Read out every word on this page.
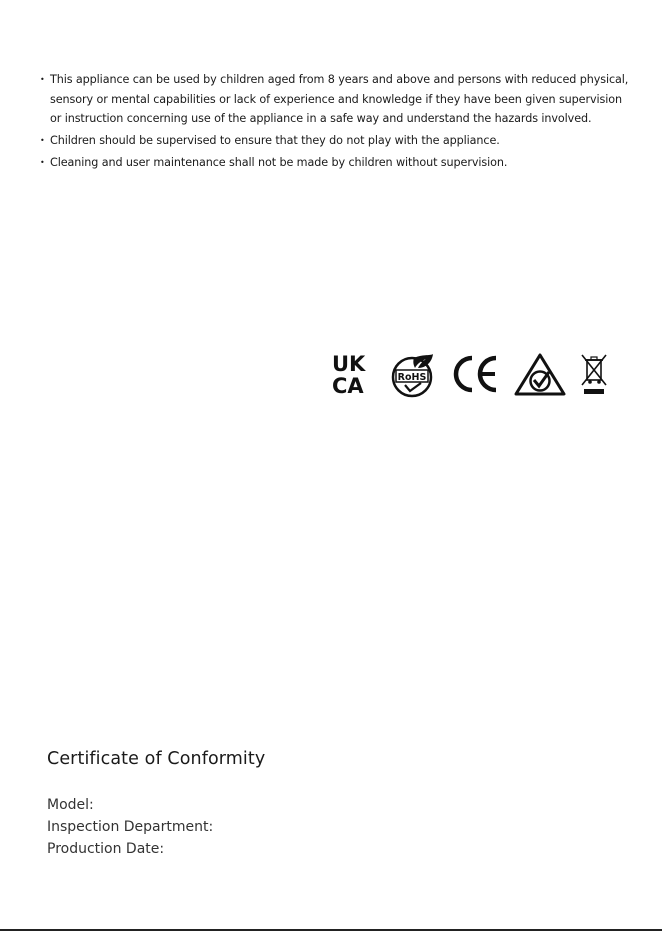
• This appliance can be used by children aged from 8 years and above and persons with reduced physical,
sensory or mental capabilities or lack of experience and knowledge if they have been given supervision
or instruction concerning use of the appliance in a safe way and understand the hazards involved.
• Children should be supervised to ensure that they do not play with the appliance.
• Cleaning and user maintenance shall not be made by children without supervision.
UK
CA	RoHS
Certificate of Conformity
Model:
Inspection Department:
Production Date:
